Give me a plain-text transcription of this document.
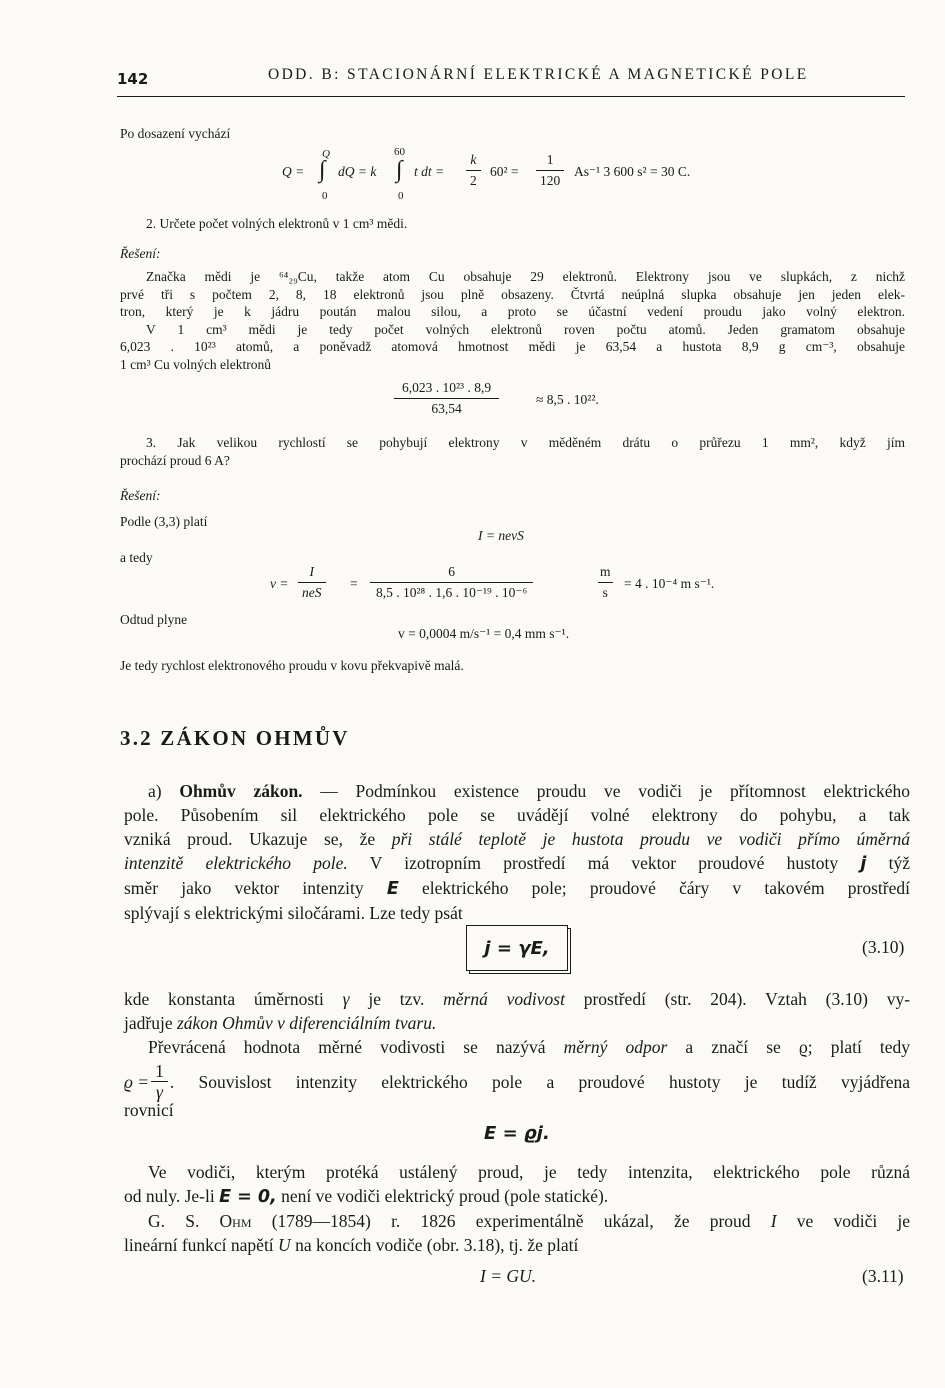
142	ODD. B: STACIONÁRNÍ ELEKTRICKÉ A MAGNETICKÉ POLE
Po dosazení vychází
Q =
Q
∫
0
dQ = k
60
∫
0
t dt = $\frac{k}{2} 60^2 = \frac{1}{120} As^{-1}$ 3 600 s² = 30 C.
2. Určete počet volných elektronů v 1 cm³ mědi.
Řešení:
Značka mědi je ⁶⁴₂₉Cu, takže atom Cu obsahuje 29 elektronů. Elektrony jsou ve slupkách, z nichž
prvé tři s počtem 2, 8, 18 elektronů jsou plně obsazeny. Čtvrtá neúplná slupka obsahuje jen jeden elek-
tron, který je k jádru poután malou silou, a proto se účastní vedení proudu jako volný elektron.
V 1 cm³ mědi je tedy počet volných elektronů roven počtu atomů. Jeden gramatom obsahuje
6,023 . 10²³ atomů, a poněvadž atomová hmotnost mědi je 63,54 a hustota 8,9 g cm⁻³, obsahuje
1 cm³ Cu volných elektronů
$\frac{\text{6,023 . 10²³ . 8,9}}{63,54}$	≈ 8,5 . 10²².
3. Jak velikou rychlostí se pohybují elektrony v měděném drátu o průřezu 1 mm², když jím
prochází proud 6 A?
Řešení:
Podle (3,3) platí
I = nevS
a tedy
v =
I
neS
= $\frac{6}{\text{8,5 . 10²⁸ . 1,6 . 10⁻¹⁹ . 10⁻⁶}}$	$\frac{m}{s} = 4$ . 10⁻⁴ m s⁻¹.
Odtud plyne
v = 0,0004 m/s⁻¹ = 0,4 mm s⁻¹.
Je tedy rychlost elektronového proudu v kovu překvapivě malá.
3.2 ZÁKON OHMŮV
a) Ohmův zákon. — Podmínkou existence proudu ve vodiči je přítomnost elektrického
pole. Působením sil elektrického pole se uvádějí volné elektrony do pohybu, a tak
vzniká proud. Ukazuje se, že při stálé teplotě je hustota proudu ve vodiči přímo úměrná
intenzitě elektrického pole. V izotropním prostředí má vektor proudové hustoty j týž
směr jako vektor intenzity E elektrického pole; proudové čáry v takovém prostředí
splývají s elektrickými siločárami. Lze tedy psát
j = γE,	(3.10)
kde konstanta úměrnosti γ je tzv. měrná vodivost prostředí (str. 204). Vztah (3.10) vy-
jadřuje zákon Ohmův v diferenciálním tvaru.
Převrácená hodnota měrné vodivosti se nazývá měrný odpor a značí se ϱ; platí tedy
$ϱ = \frac{1}{\gamma}$ . Souvislost intenzity elektrického pole a proudové hustoty je tudíž vyjádřena
rovnicí
E = ϱj.
Ve vodiči, kterým protéká ustálený proud, je tedy intenzita, elektrického pole různá
od nuly. Je-li E = 0, není ve vodiči elektrický proud (pole statické).
G. S. Ohm (1789—1854) r. 1826 experimentálně ukázal, že proud I ve vodiči je
lineární funkcí napětí U na koncích vodiče (obr. 3.18), tj. že platí
I = GU.	(3.11)
